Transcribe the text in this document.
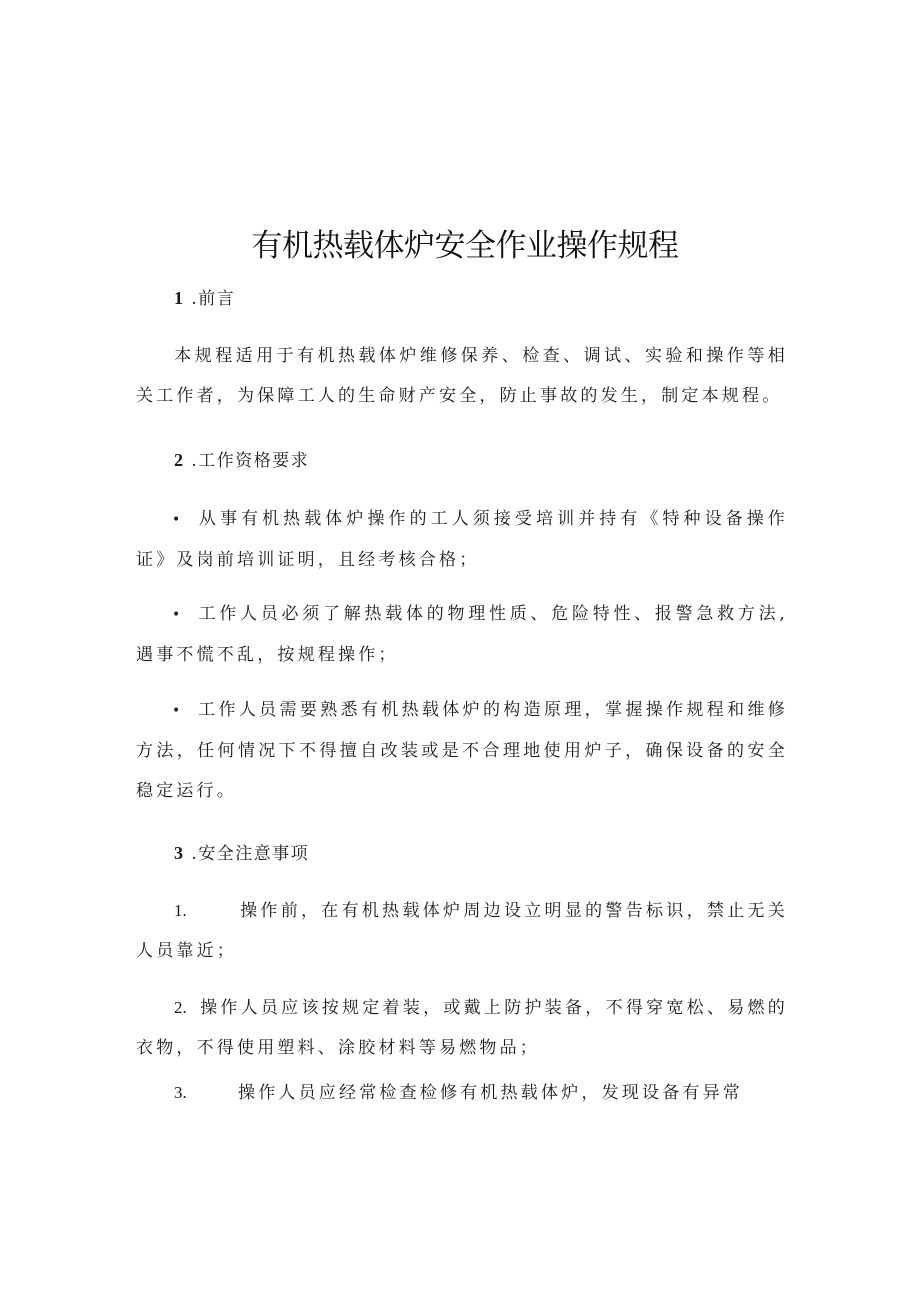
有机热载体炉安全作业操作规程
1 .前言
本规程适用于有机热载体炉维修保养、检查、调试、实验和操作等相关工作者，为保障工人的生命财产安全，防止事故的发生，制定本规程。
2 .工作资格要求
• 从事有机热载体炉操作的工人须接受培训并持有《特种设备操作证》及岗前培训证明，且经考核合格；
• 工作人员必须了解热载体的物理性质、危险特性、报警急救方法,遇事不慌不乱，按规程操作；
• 工作人员需要熟悉有机热载体炉的构造原理，掌握操作规程和维修方法，任何情况下不得擅自改装或是不合理地使用炉子，确保设备的安全稳定运行。
3 .安全注意事项
1.	操作前，在有机热载体炉周边设立明显的警告标识，禁止无关人员靠近；
2. 操作人员应该按规定着装，或戴上防护装备，不得穿宽松、易燃的衣物，不得使用塑料、涂胶材料等易燃物品；
3.	操作人员应经常检查检修有机热载体炉，发现设备有异常
